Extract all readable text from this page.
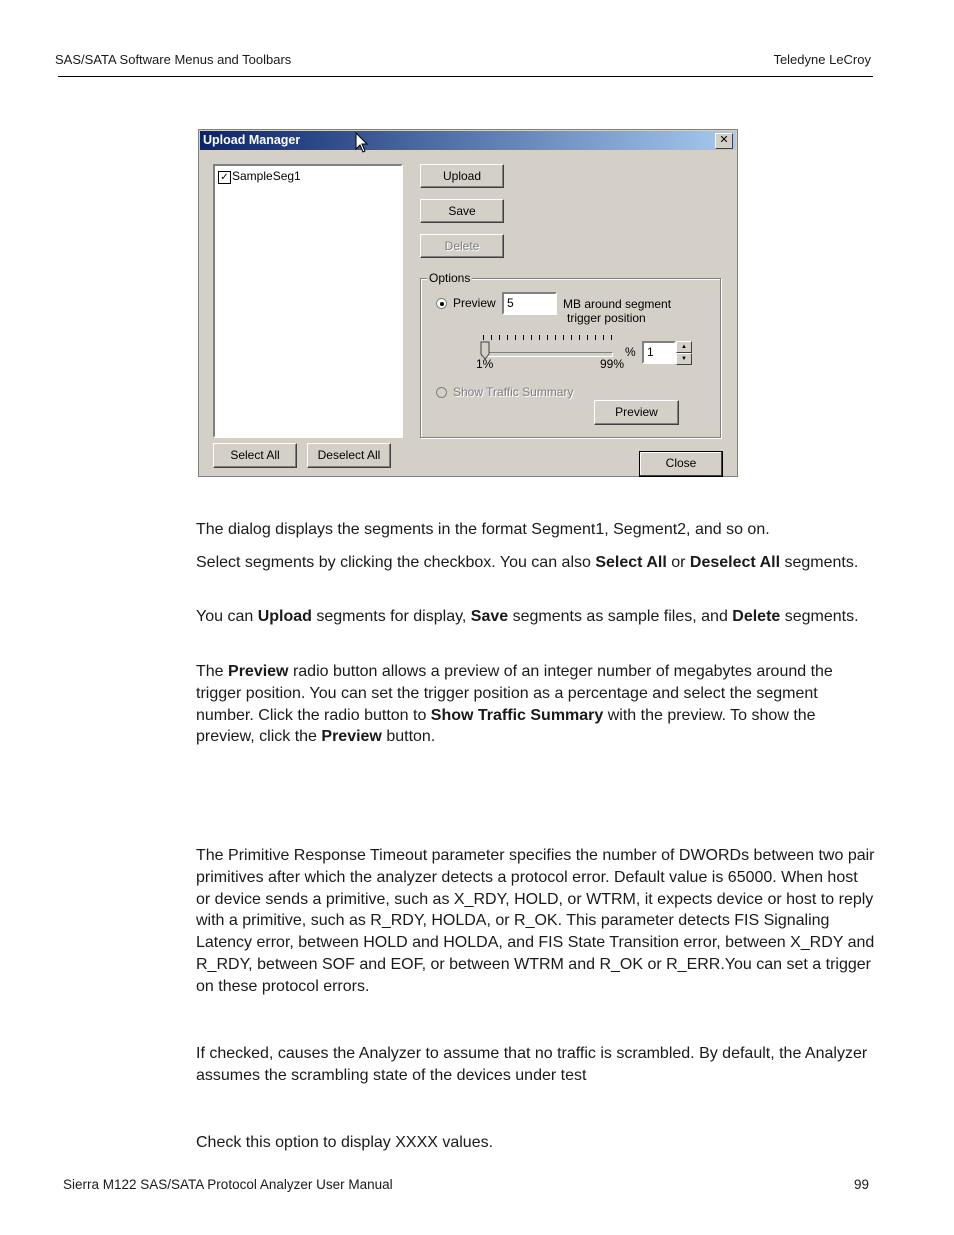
SAS/SATA Software Menus and Toolbars	Teledyne LeCroy
Upload Manager	✕
✓ SampleSeg1	Upload
Save
Delete
Options
Preview 5	MB around segment
trigger position
1%	99%
% 1	▲
▼
Show Traffic Summary
Preview
Select All	Deselect All
Close

The dialog displays the segments in the format Segment1, Segment2, and so on.

Select segments by clicking the checkbox. You can also Select All or Deselect All segments.

You can Upload segments for display, Save segments as sample files, and Delete segments.

The Preview radio button allows a preview of an integer number of megabytes around the trigger position. You can set the trigger position as a percentage and select the segment number. Click the radio button to Show Traffic Summary with the preview. To show the preview, click the Preview button.

The Primitive Response Timeout parameter specifies the number of DWORDs between two pair primitives after which the analyzer detects a protocol error. Default value is 65000. When host or device sends a primitive, such as X_RDY, HOLD, or WTRM, it expects device or host to reply with a primitive, such as R_RDY, HOLDA, or R_OK. This parameter detects FIS Signaling Latency error, between HOLD and HOLDA, and FIS State Transition error, between X_RDY and R_RDY, between SOF and EOF, or between WTRM and R_OK or R_ERR.You can set a trigger on these protocol errors.

If checked, causes the Analyzer to assume that no traffic is scrambled. By default, the Analyzer assumes the scrambling state of the devices under test

Check this option to display XXXX values.

Sierra M122 SAS/SATA Protocol Analyzer User Manual	99
